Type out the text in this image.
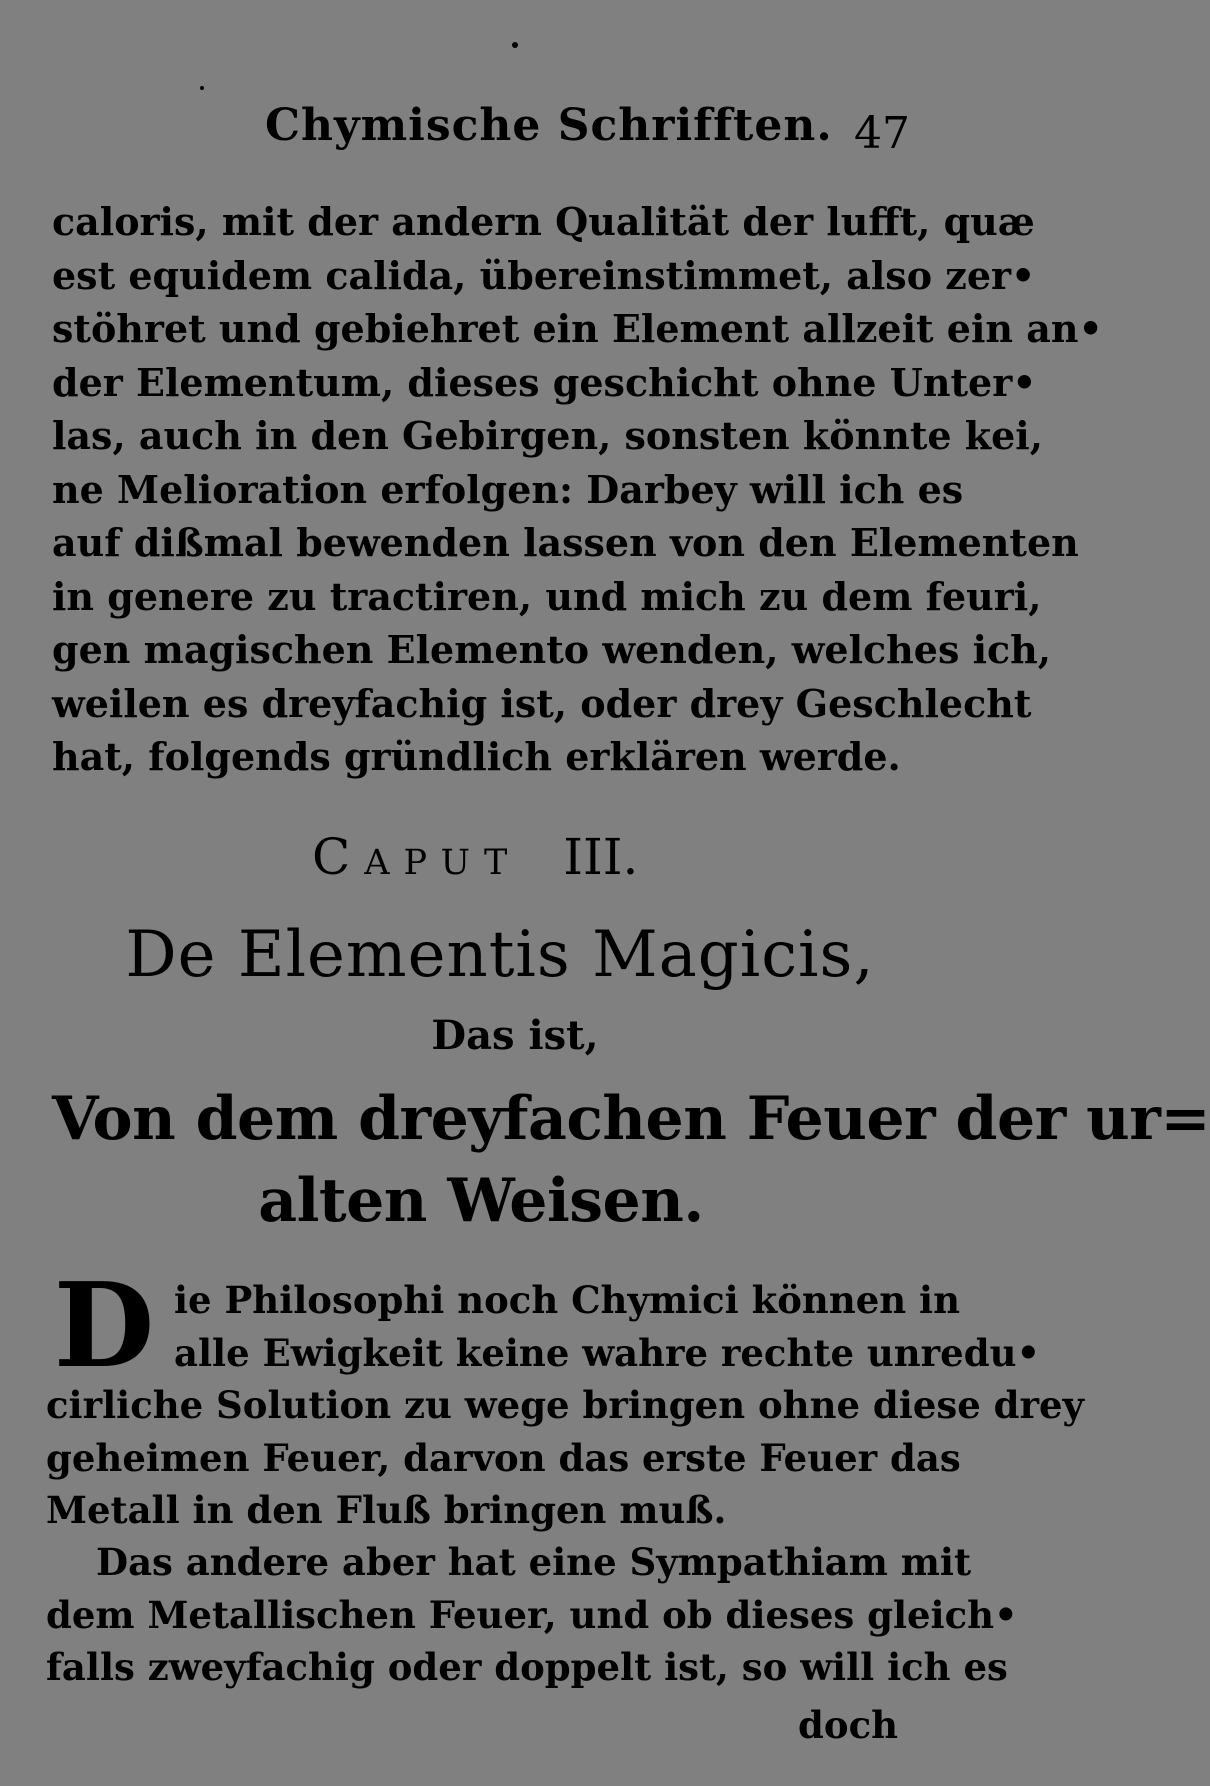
Chymische Schrifften. 47
caloris, mit der andern Qualität der lufft, quæ
est equidem calida, übereinstimmet, also zer•
stöhret und gebiehret ein Element allzeit ein an•
der Elementum, dieses geschicht ohne Unter•
las, auch in den Gebirgen, sonsten könnte kei,
ne Melioration erfolgen: Darbey will ich es
auf dißmal bewenden lassen von den Elementen
in genere zu tractiren, und mich zu dem feuri,
gen magischen Elemento wenden, welches ich,
weilen es dreyfachig ist, oder drey Geschlecht
hat, folgends gründlich erklären werde.
Caput III.
De Elementis Magicis,
Das ist,
Von dem dreyfachen Feuer der ur=
alten Weisen.
D ie Philosophi noch Chymici können in
alle Ewigkeit keine wahre rechte unredu•
cirliche Solution zu wege bringen ohne diese drey
geheimen Feuer, darvon das erste Feuer das
Metall in den Fluß bringen muß.
Das andere aber hat eine Sympathiam mit
dem Metallischen Feuer, und ob dieses gleich•
falls zweyfachig oder doppelt ist, so will ich es
doch
